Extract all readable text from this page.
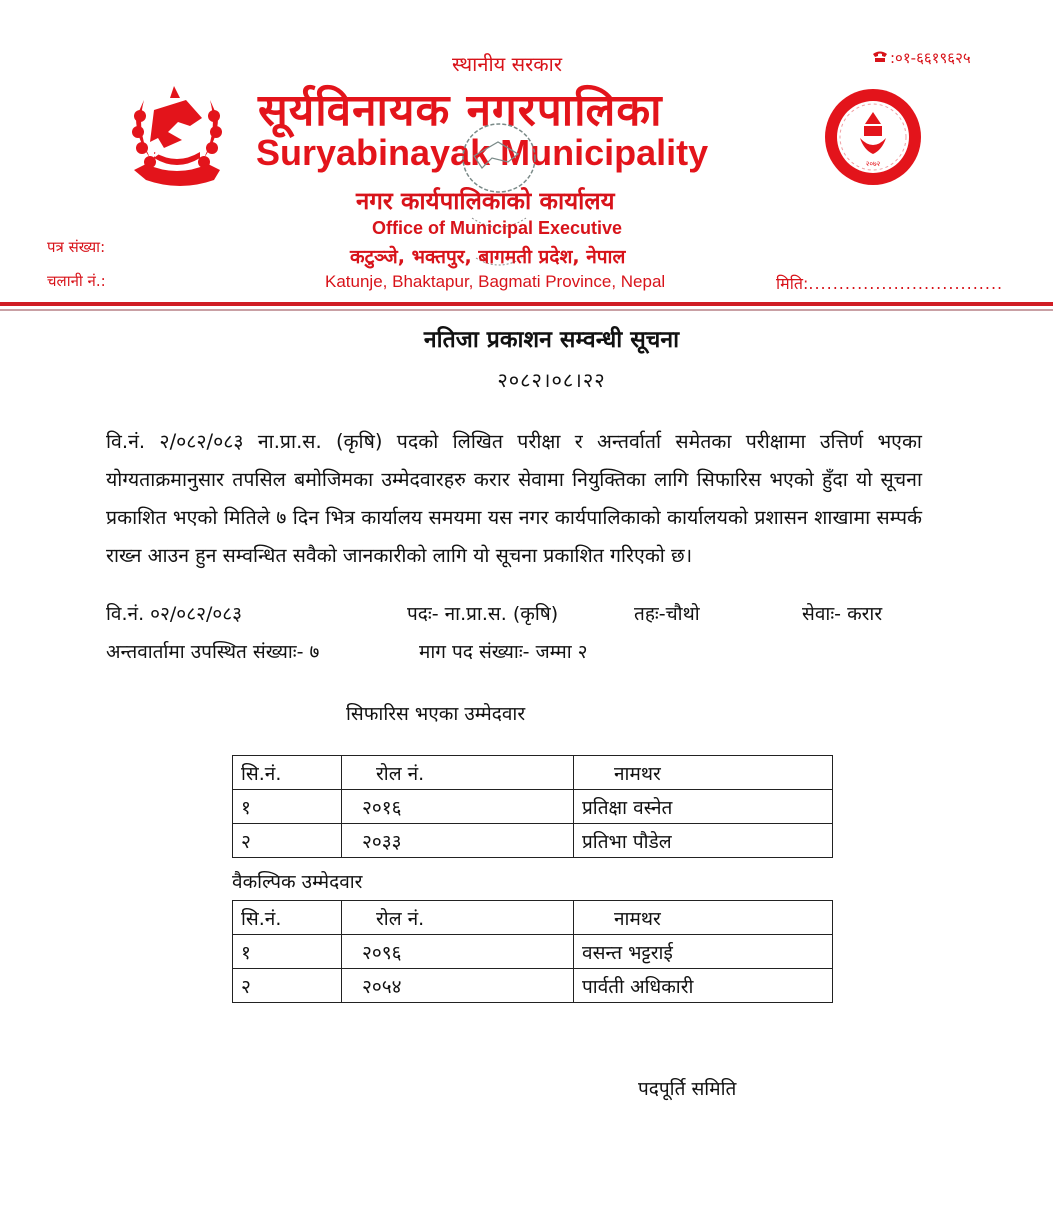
स्थानीय सरकार	:०१-६६१९६२५
सूर्यविनायक नगरपालिका
Suryabinayak Municipality	२०७२
नगर कार्यपालिकाको कार्यालय
Office of Municipal Executive
कटुञ्जे, भक्तपुर, बागमती प्रदेश, नेपाल
Katunje, Bhaktapur, Bagmati Province, Nepal
पत्र संख्या:
चलानी नं.:	मिति:................................
नतिजा प्रकाशन सम्वन्धी सूचना
२०८२।०८।२२
वि.नं. २/०८२/०८३ ना.प्रा.स. (कृषि) पदको लिखित परीक्षा र अन्तर्वार्ता समेतका परीक्षामा उत्तिर्ण भएका योग्यताक्रमानुसार तपसिल बमोजिमका उम्मेदवारहरु करार सेवामा नियुक्तिका लागि सिफारिस भएको हुँदा यो सूचना प्रकाशित भएको मितिले ७ दिन भित्र कार्यालय समयमा यस नगर कार्यपालिकाको कार्यालयको प्रशासन शाखामा सम्पर्क राख्न आउन हुन सम्वन्धित सवैको जानकारीको लागि यो सूचना प्रकाशित गरिएको छ।
वि.नं. ०२/०८२/०८३	पदः- ना.प्रा.स. (कृषि)	तहः-चौथो	सेवाः- करार
अन्तवार्तामा उपस्थित संख्याः- ७	माग पद संख्याः- जम्मा २
सिफारिस भएका उम्मेदवार
सि.नं.	रोल नं.	नामथर
१	२०१६	प्रतिक्षा वस्नेत
२	२०३३	प्रतिभा पौडेल
वैकल्पिक उम्मेदवार
सि.नं.	रोल नं.	नामथर
१	२०९६	वसन्त भट्टराई
२	२०५४	पार्वती अधिकारी
पदपूर्ति समिति
